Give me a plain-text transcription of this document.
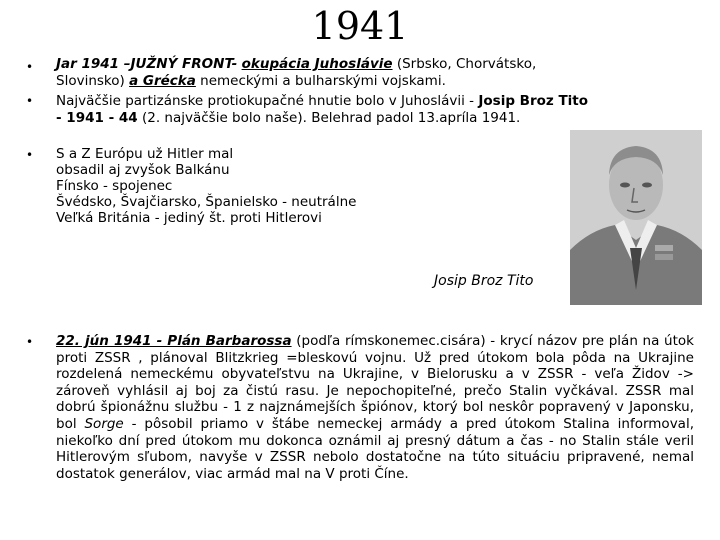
1941
• Jar 1941 –JUŽNÝ FRONT- okupácia Juhoslávie (Srbsko, Chorvátsko,
Slovinsko) a Grécka nemeckými a bulharskými vojskami.
• Najväčšie partizánske protiokupačné hnutie bolo v Juhoslávii - Josip Broz Tito
- 1941 - 44 (2. najväčšie bolo naše). Belehrad padol 13.apríla 1941.
• S a Z Európu už Hitler mal
obsadil aj zvyšok Balkánu
Fínsko - spojenec
Švédsko, Švajčiarsko, Španielsko - neutrálne
Veľká Británia - jediný št. proti Hitlerovi
Josip Broz Tito
• 22. jún 1941 - Plán Barbarossa (podľa rímskonemec.cisára) - krycí názov pre plán na útok proti ZSSR , plánoval Blitzkrieg =bleskovú vojnu. Už pred útokom bola pôda na Ukrajine rozdelená nemeckému obyvateľstvu na Ukrajine, v Bielorusku a v ZSSR - veľa Židov -> zároveň vyhlásil aj boj za čistú rasu. Je nepochopiteľné, prečo Stalin vyčkával. ZSSR mal dobrú špionážnu službu - 1 z najznámejších špiónov, ktorý bol neskôr popravený v Japonsku, bol Sorge - pôsobil priamo v štábe nemeckej armády a pred útokom Stalina informoval, niekoľko dní pred útokom mu dokonca oznámil aj presný dátum a čas - no Stalin stále veril Hitlerovým sľubom, navyše v ZSSR nebolo dostatočne na túto situáciu pripravené, nemal dostatok generálov, viac armád mal na V proti Číne.
